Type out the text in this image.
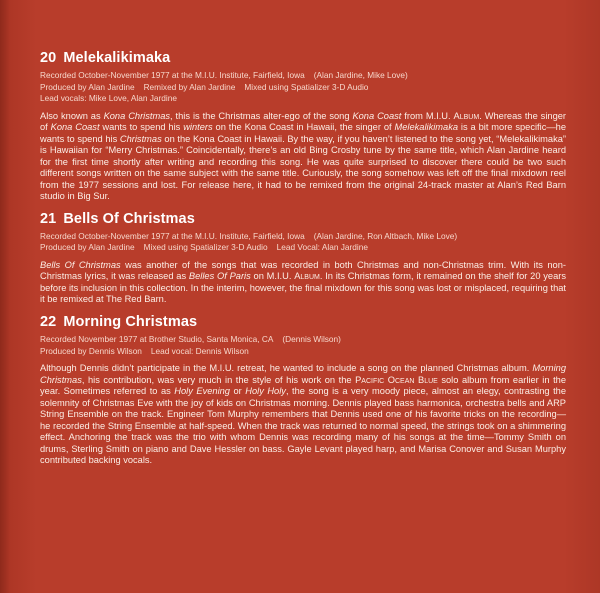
20 Melekalikimaka
Recorded October-November 1977 at the M.I.U. Institute, Fairfield, Iowa (Alan Jardine, Mike Love)
Produced by Alan Jardine Remixed by Alan Jardine Mixed using Spatializer 3-D Audio
Lead vocals: Mike Love, Alan Jardine
Also known as Kona Christmas, this is the Christmas alter-ego of the song Kona Coast from M.I.U. Album. Whereas the singer of Kona Coast wants to spend his winters on the Kona Coast in Hawaii, the singer of Melekalikimaka is a bit more specific—he wants to spend his Christmas on the Kona Coast in Hawaii. By the way, if you haven’t listened to the song yet, “Melekalikimaka” is Hawaiian for “Merry Christmas.” Coincidentally, there’s an old Bing Crosby tune by the same title, which Alan Jardine heard for the first time shortly after writing and recording this song. He was quite surprised to discover there could be two such different songs written on the same subject with the same title. Curiously, the song somehow was left off the final mixdown reel from the 1977 sessions and lost. For release here, it had to be remixed from the original 24-track master at Alan’s Red Barn studio in Big Sur.
21 Bells Of Christmas
Recorded October-November 1977 at the M.I.U. Institute, Fairfield, Iowa (Alan Jardine, Ron Altbach, Mike Love)
Produced by Alan Jardine Mixed using Spatializer 3-D Audio Lead Vocal: Alan Jardine
Bells Of Christmas was another of the songs that was recorded in both Christmas and non-Christmas trim. With its non-Christmas lyrics, it was released as Belles Of Paris on M.I.U. Album. In its Christmas form, it remained on the shelf for 20 years before its inclusion in this collection. In the interim, however, the final mixdown for this song was lost or misplaced, requiring that it be remixed at The Red Barn.
22 Morning Christmas
Recorded November 1977 at Brother Studio, Santa Monica, CA (Dennis Wilson)
Produced by Dennis Wilson Lead vocal: Dennis Wilson
Although Dennis didn’t participate in the M.I.U. retreat, he wanted to include a song on the planned Christmas album. Morning Christmas, his contribution, was very much in the style of his work on the Pacific Ocean Blue solo album from earlier in the year. Sometimes referred to as Holy Evening or Holy Holy, the song is a very moody piece, almost an elegy, contrasting the solemnity of Christmas Eve with the joy of kids on Christmas morning. Dennis played bass harmonica, orchestra bells and ARP String Ensemble on the track. Engineer Tom Murphy remembers that Dennis used one of his favorite tricks on the recording—he recorded the String Ensemble at half-speed. When the track was returned to normal speed, the strings took on a shimmering effect. Anchoring the track was the trio with whom Dennis was recording many of his songs at the time—Tommy Smith on drums, Sterling Smith on piano and Dave Hessler on bass. Gayle Levant played harp, and Marisa Conover and Susan Murphy contributed backing vocals.
